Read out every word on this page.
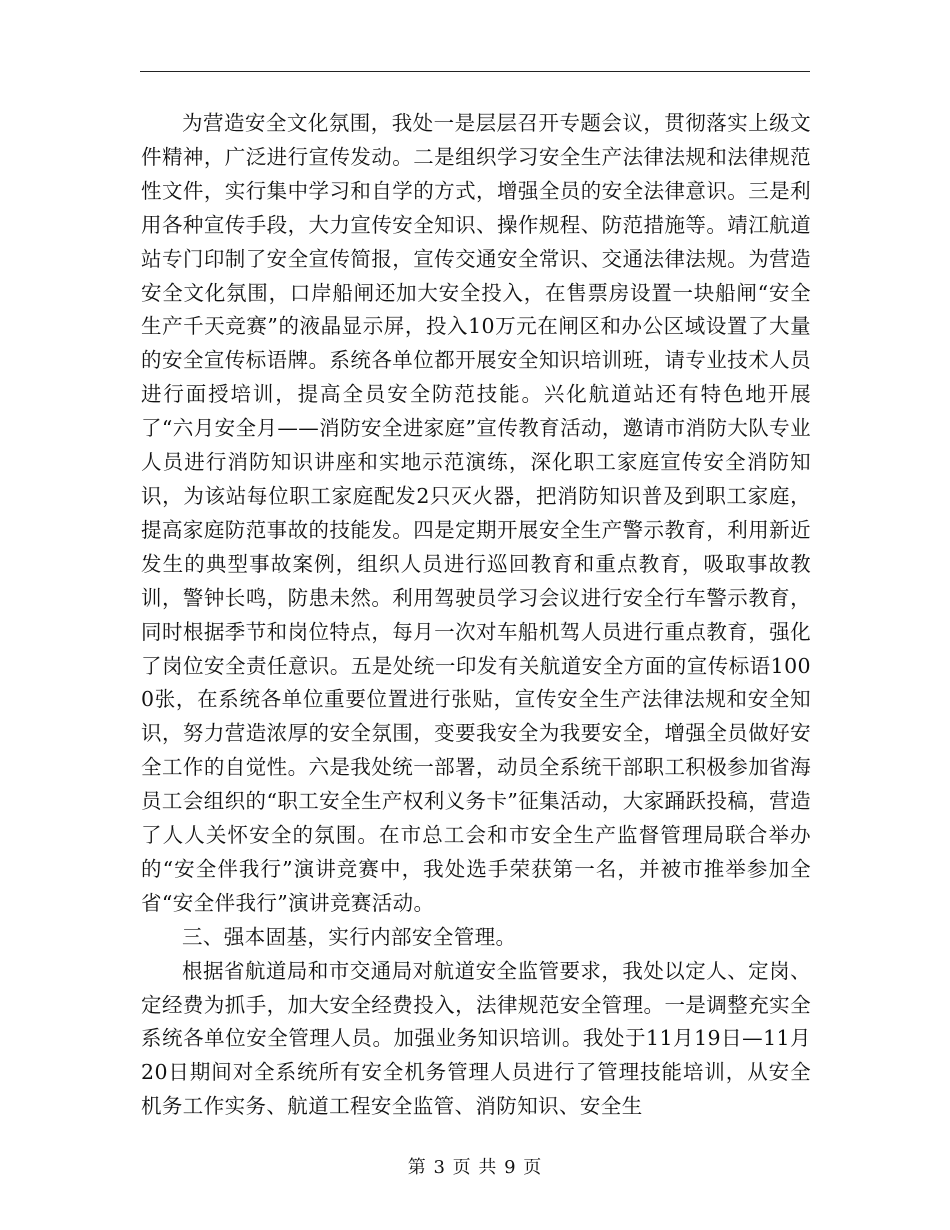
为营造安全文化氛围，我处一是层层召开专题会议，贯彻落实上级文件精神，广泛进行宣传发动。二是组织学习安全生产法律法规和法律规范性文件，实行集中学习和自学的方式，增强全员的安全法律意识。三是利用各种宣传手段，大力宣传安全知识、操作规程、防范措施等。靖江航道站专门印制了安全宣传简报，宣传交通安全常识、交通法律法规。为营造安全文化氛围，口岸船闸还加大安全投入，在售票房设置一块船闸“安全生产千天竞赛”的液晶显示屏，投入10万元在闸区和办公区域设置了大量的安全宣传标语牌。系统各单位都开展安全知识培训班，请专业技术人员进行面授培训，提高全员安全防范技能。兴化航道站还有特色地开展了“六月安全月——消防安全进家庭”宣传教育活动，邀请市消防大队专业人员进行消防知识讲座和实地示范演练，深化职工家庭宣传安全消防知识，为该站每位职工家庭配发2只灭火器，把消防知识普及到职工家庭，提高家庭防范事故的技能发。四是定期开展安全生产警示教育，利用新近发生的典型事故案例，组织人员进行巡回教育和重点教育，吸取事故教训，警钟长鸣，防患未然。利用驾驶员学习会议进行安全行车警示教育，同时根据季节和岗位特点，每月一次对车船机驾人员进行重点教育，强化了岗位安全责任意识。五是处统一印发有关航道安全方面的宣传标语1000张，在系统各单位重要位置进行张贴，宣传安全生产法律法规和安全知识，努力营造浓厚的安全氛围，变要我安全为我要安全，增强全员做好安全工作的自觉性。六是我处统一部署，动员全系统干部职工积极参加省海员工会组织的“职工安全生产权利义务卡”征集活动，大家踊跃投稿，营造了人人关怀安全的氛围。在市总工会和市安全生产监督管理局联合举办的“安全伴我行”演讲竞赛中，我处选手荣获第一名，并被市推举参加全省“安全伴我行”演讲竞赛活动。

三、强本固基，实行内部安全管理。

根据省航道局和市交通局对航道安全监管要求，我处以定人、定岗、定经费为抓手，加大安全经费投入，法律规范安全管理。一是调整充实全系统各单位安全管理人员。加强业务知识培训。我处于11月19日—11月20日期间对全系统所有安全机务管理人员进行了管理技能培训，从安全机务工作实务、航道工程安全监管、消防知识、安全生

第 3 页 共 9 页
